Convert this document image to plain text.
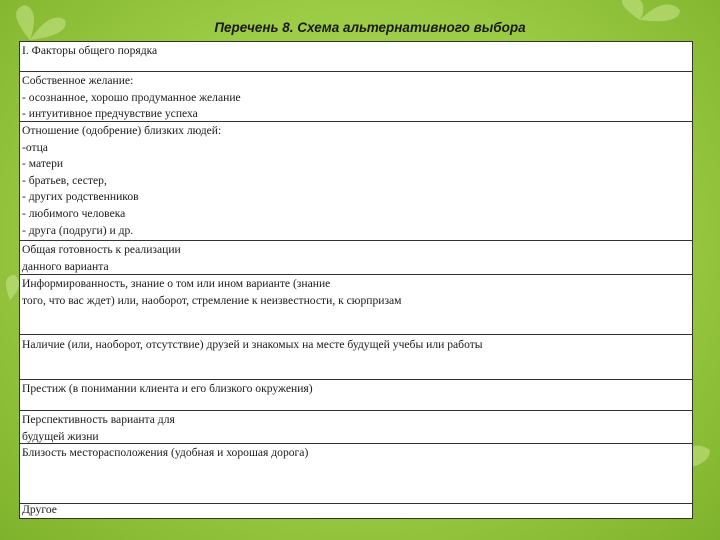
Перечень 8. Схема альтернативного выбора
I. Факторы общего порядка
Собственное желание:
- осознанное, хорошо продуманное желание
- интуитивное предчувствие успеха
Отношение (одобрение) близких людей:
-отца
- матери
- братьев, сестер,
- других родственников
- любимого человека
- друга (подруги) и др.
Общая готовность к реализации
данного варианта
Информированность, знание о том или ином варианте (знание
того, что вас ждет) или, наоборот, стремление к неизвестности, к сюрпризам
Наличие (или, наоборот, отсутствие) друзей и знакомых на месте будущей учебы или работы
Престиж (в понимании клиента и его близкого окружения)
Перспективность варианта для
будущей жизни
Близость месторасположения (удобная и хорошая дорога)
Другое
